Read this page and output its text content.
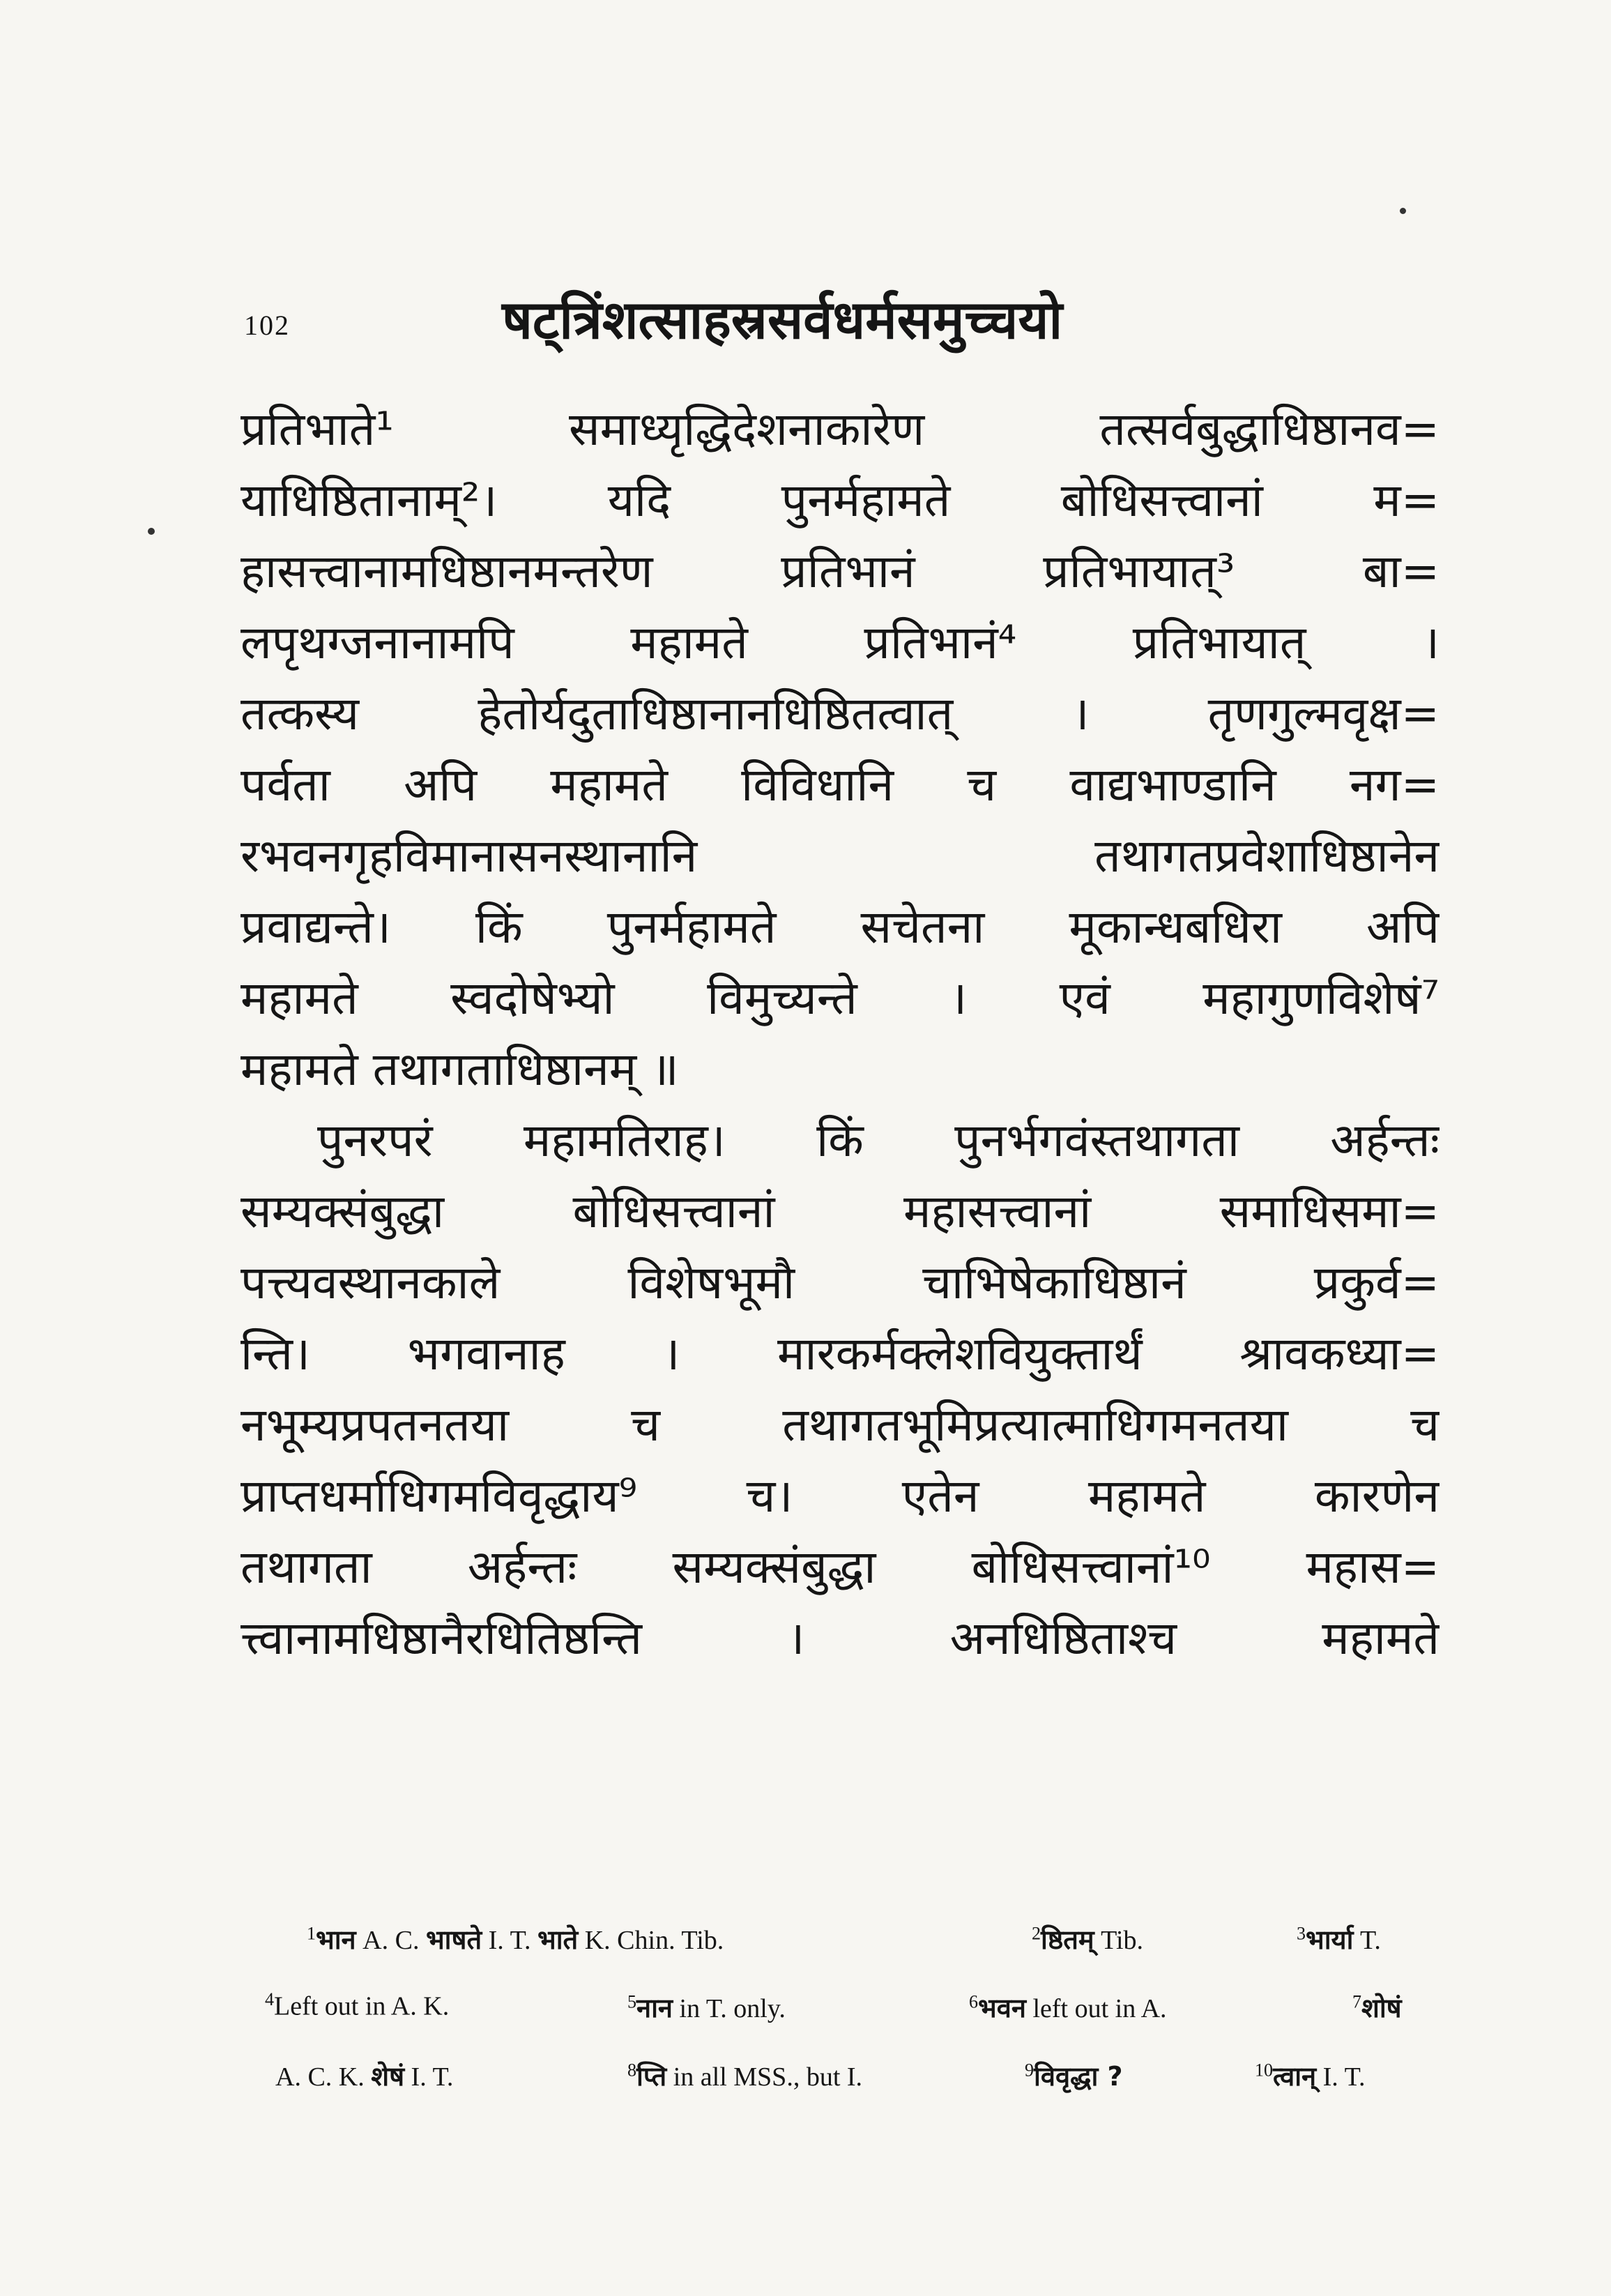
102	षट्त्रिंशत्साहस्रसर्वधर्मसमुच्चयो
प्रतिभाते¹ समाध्यृद्धिदेशनाकारेण तत्सर्वबुद्धाधिष्ठानव=
याधिष्ठितानाम्²। यदि पुनर्महामते बोधिसत्त्वानां म=
हासत्त्वानामधिष्ठानमन्तरेण प्रतिभानं प्रतिभायात्³ बा=
लपृथग्जनानामपि महामते प्रतिभानं⁴ प्रतिभायात् ।
तत्कस्य हेतोर्यदुताधिष्ठानानधिष्ठितत्वात् । तृणगुल्मवृक्ष=
पर्वता अपि महामते विविधानि च वाद्यभाण्डानि नग=
रभवनगृहविमानासनस्थानानि तथागतप्रवेशाधिष्ठानेन
प्रवाद्यन्ते। किं पुनर्महामते सचेतना मूकान्धबधिरा अपि
महामते स्वदोषेभ्यो विमुच्यन्ते । एवं महागुणविशेषं⁷
महामते तथागताधिष्ठानम् ॥
पुनरपरं महामतिराह। किं पुनर्भगवंस्तथागता अर्हन्तः
सम्यक्संबुद्धा बोधिसत्त्वानां महासत्त्वानां समाधिसमा=
पत्त्यवस्थानकाले विशेषभूमौ चाभिषेकाधिष्ठानं प्रकुर्व=
न्ति। भगवानाह । मारकर्मक्लेशवियुक्तार्थं श्रावकध्या=
नभूम्यप्रपतनतया च तथागतभूमिप्रत्यात्माधिगमनतया च
प्राप्तधर्माधिगमविवृद्धाय⁹ च। एतेन महामते कारणेन
तथागता अर्हन्तः सम्यक्संबुद्धा बोधिसत्त्वानां¹⁰ महास=
त्त्वानामधिष्ठानैरधितिष्ठन्ति । अनधिष्ठिताश्च महामते
$^1$भान A. C. भाषते I. T. भाते K. Chin. Tib.	$^2$ष्ठितम् Tib.	$^3$भार्या T.
$^4$Left out in A. K.	$^5$नान in T. only.	$^6$भवन left out in A.	$^7$शोषं
A. C. K. शेषं I. T.	$^8$प्ति in all MSS., but I.	$^9$विवृद्धा ?	$^{10}$त्वान् I. T.
